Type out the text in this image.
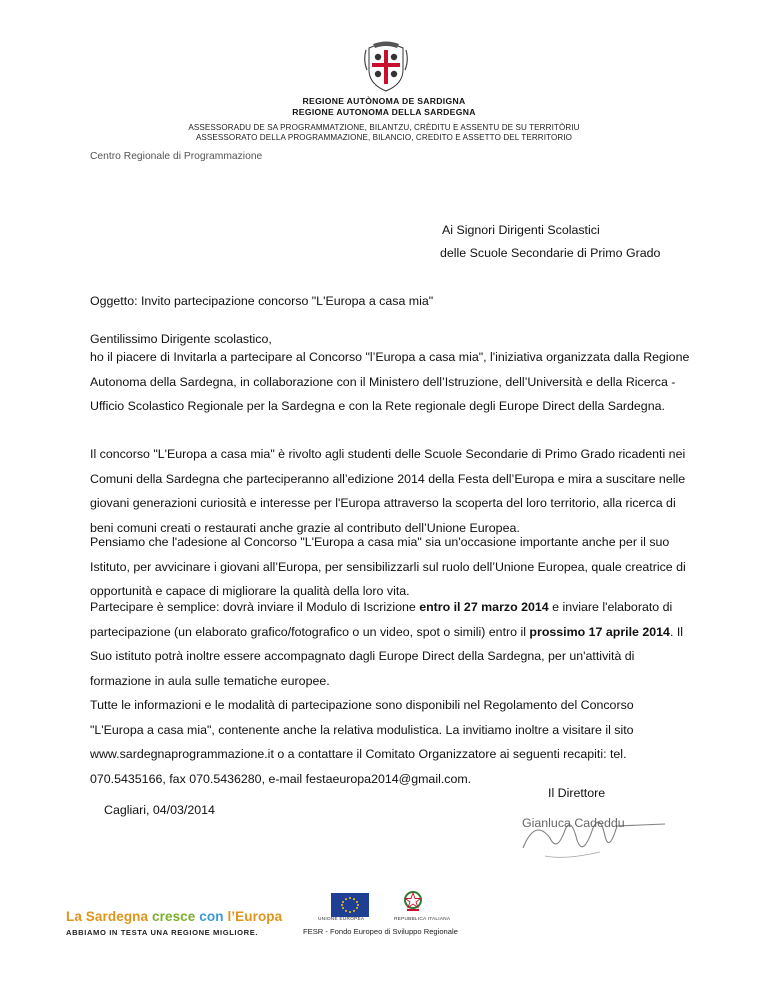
REGIONE AUTÒNOMA DE SARDIGNA
REGIONE AUTONOMA DELLA SARDEGNA
ASSESSORADU DE SA PROGRAMMATZIONE, BILANTZU, CRÈDITU E ASSENTU DE SU TERRITÒRIU
ASSESSORATO DELLA PROGRAMMAZIONE, BILANCIO, CREDITO E ASSETTO DEL TERRITORIO
Centro Regionale di Programmazione
Ai Signori Dirigenti Scolastici
delle Scuole Secondarie di Primo Grado
Oggetto: Invito partecipazione concorso "L'Europa a casa mia"
Gentilissimo Dirigente scolastico,

ho il piacere di Invitarla a partecipare al Concorso "l’Europa a casa mia", l'iniziativa organizzata dalla Regione Autonoma della Sardegna, in collaborazione con il Ministero dell’Istruzione, dell’Università e della Ricerca - Ufficio Scolastico Regionale per la Sardegna e con la Rete regionale degli Europe Direct della Sardegna.

Il concorso "L'Europa a casa mia" è rivolto agli studenti delle Scuole Secondarie di Primo Grado ricadenti nei Comuni della Sardegna che parteciperanno all’edizione 2014 della Festa dell’Europa e mira a suscitare nelle giovani generazioni curiosità e interesse per l'Europa attraverso la scoperta del loro territorio, alla ricerca di beni comuni creati o restaurati anche grazie al contributo dell’Unione Europea.

Pensiamo che l'adesione al Concorso "L'Europa a casa mia" sia un'occasione importante anche per il suo Istituto, per avvicinare i giovani all’Europa, per sensibilizzarli sul ruolo dell’Unione Europea, quale creatrice di opportunità e capace di migliorare la qualità della loro vita.

Partecipare è semplice: dovrà inviare il Modulo di Iscrizione entro il 27 marzo 2014 e inviare l'elaborato di partecipazione (un elaborato grafico/fotografico o un video, spot o simili) entro il prossimo 17 aprile 2014. Il Suo istituto potrà inoltre essere accompagnato dagli Europe Direct della Sardegna, per un'attività di formazione in aula sulle tematiche europee.

Tutte le informazioni e le modalità di partecipazione sono disponibili nel Regolamento del Concorso "L'Europa a casa mia", contenente anche la relativa modulistica. La invitiamo inoltre a visitare il sito www.sardegnaprogrammazione.it o a contattare il Comitato Organizzatore ai seguenti recapiti: tel. 070.5435166, fax 070.5436280, e-mail festaeuropa2014@gmail.com.

Cagliari, 04/03/2014
Il Direttore
Gianluca Cadeddu
La Sardegna cresce con l’Europa
ABBIAMO IN TESTA UNA REGIONE MIGLIORE.
UNIONE EUROPEA	REPUBBLICA ITALIANA
FESR - Fondo Europeo di Sviluppo Regionale
